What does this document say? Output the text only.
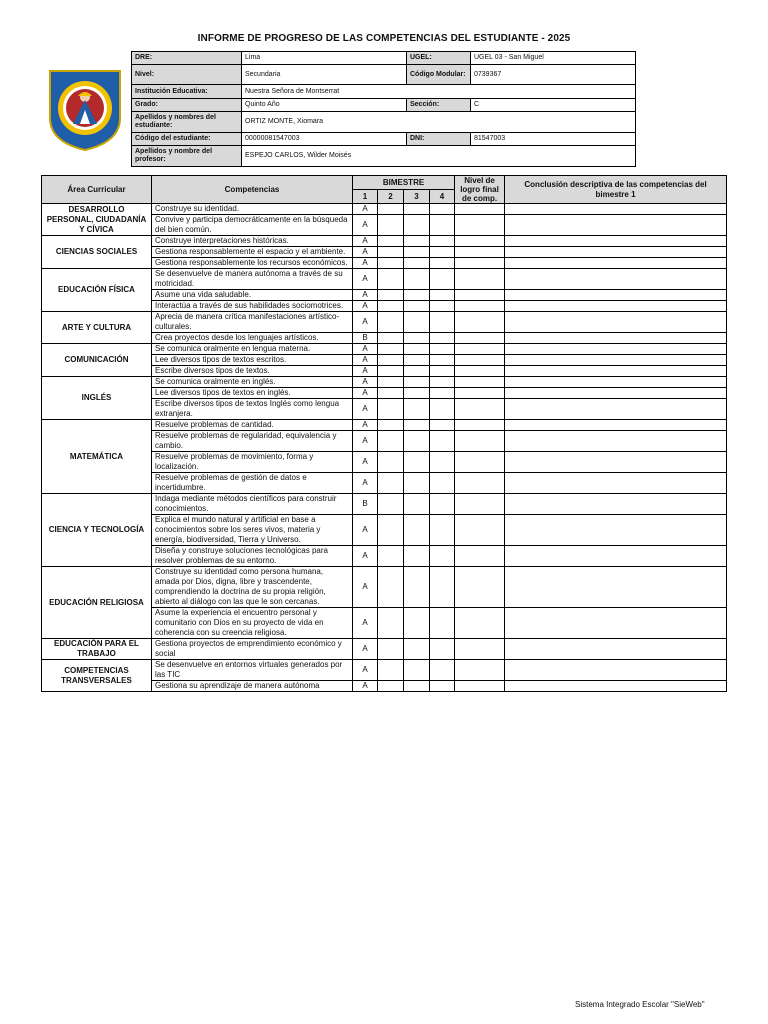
INFORME DE PROGRESO DE LAS COMPETENCIAS DEL ESTUDIANTE - 2025
DRE:	Lima	UGEL:	UGEL 03 - San Miguel
Nivel:	Secundaria	Código Modular:	0739367
Institución Educativa:	Nuestra Señora de Montserrat		
Grado:	Quinto Año	Sección:	C
Apellidos y nombres del estudiante:	ORTIZ MONTE, Xiomara		
Código del estudiante:	00000081547003	DNI:	81547003
Apellidos y nombre del profesor:	ESPEJO CARLOS, Wilder Moisés		
Área Curricular	Competencias	BIMESTRE				Nivel de logro final de comp.	Conclusión descriptiva de las competencias del bimestre 1
		1	2	3	4		
DESARROLLO PERSONAL, CIUDADANÍA Y CÍVICA	Construye su identidad.	A					
	Convive y participa democráticamente en la búsqueda del bien común.	A					
CIENCIAS SOCIALES	Construye interpretaciones históricas.	A					
	Gestiona responsablemente el espacio y el ambiente.	A					
	Gestiona responsablemente los recursos económicos.	A					
EDUCACIÓN FÍSICA	Se desenvuelve de manera autónoma a través de su motricidad.	A					
	Asume una vida saludable.	A					
	Interactúa a través de sus habilidades sociomotrices.	A					
ARTE Y CULTURA	Aprecia de manera crítica manifestaciones artístico-culturales.	A					
	Crea proyectos desde los lenguajes artísticos.	B					
COMUNICACIÓN	Se comunica oralmente en lengua materna.	A					
	Lee diversos tipos de textos escritos.	A					
	Escribe diversos tipos de textos.	A					
INGLÉS	Se comunica oralmente en inglés.	A					
	Lee diversos tipos de textos en inglés.	A					
	Escribe diversos tipos de textos Inglés como lengua extranjera.	A					
MATEMÁTICA	Resuelve problemas de cantidad.	A					
	Resuelve problemas de regularidad, equivalencia y cambio.	A					
	Resuelve problemas de movimiento, forma y localización.	A					
	Resuelve problemas de gestión de datos e incertidumbre.	A					
CIENCIA Y TECNOLOGÍA	Indaga mediante métodos científicos para construir conocimientos.	B					
	Explica el mundo natural y artificial en base a conocimientos sobre los seres vivos, materia y energía, biodiversidad, Tierra y Universo.	A					
	Diseña y construye soluciones tecnológicas para resolver problemas de su entorno.	A					
EDUCACIÓN RELIGIOSA	Construye su identidad como persona humana, amada por Dios, digna, libre y trascendente, comprendiendo la doctrina de su propia religión, abierto al diálogo con las que le son cercanas.	A					
	Asume la experiencia el encuentro personal y comunitario con Dios en su proyecto de vida en coherencia con su creencia religiosa.	A					
EDUCACIÓN PARA EL TRABAJO	Gestiona proyectos de emprendimiento económico y social	A					
COMPETENCIAS TRANSVERSALES	Se desenvuelve en entornos virtuales generados por las TIC	A					
	Gestiona su aprendizaje de manera autónoma	A					
Sistema Integrado Escolar "SieWeb"
